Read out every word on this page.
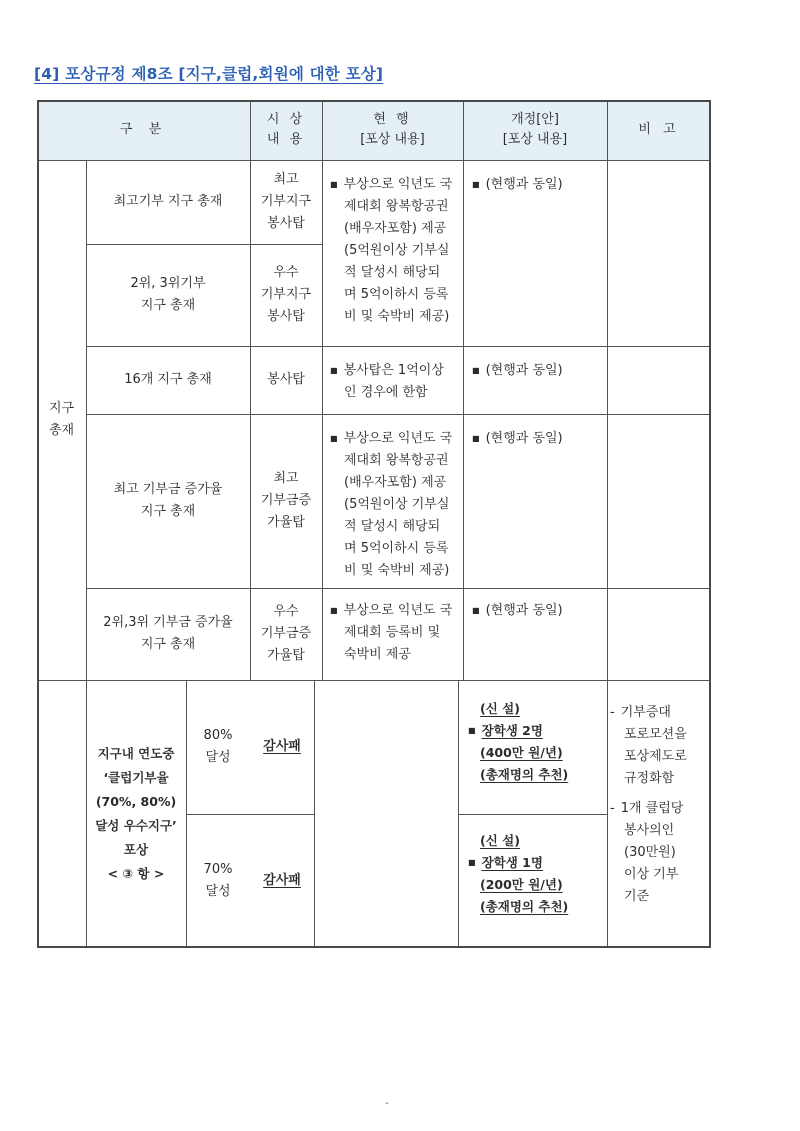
[4] 포상규정 제8조 [지구,클럽,회원에 대한 포상]
구 분
시 상
내 용
현 행
[포상 내용]
개정[안]
[포상 내용]
비 고
지구
총재
최고기부 지구 총재
최고
기부지구
봉사탑
2위, 3위기부
지구 총재
우수
기부지구
봉사탑
■ 부상으로 익년도 국
제대회 왕복항공권
(배우자포함) 제공
(5억원이상 기부실
적 달성시 해당되
며 5억이하시 등록
비 및 숙박비 제공)
■ (현행과 동일)
16개 지구 총재	봉사탑
■ 봉사탑은 1억이상
인 경우에 한함
■ (현행과 동일)
최고 기부금 증가율
지구 총재
최고
기부금증
가율탑
■ 부상으로 익년도 국
제대회 왕복항공권
(배우자포함) 제공
(5억원이상 기부실
적 달성시 해당되
며 5억이하시 등록
비 및 숙박비 제공)
■ (현행과 동일)
2위,3위 기부금 증가율
지구 총재
우수
기부금증
가율탑
■ 부상으로 익년도 국
제대회 등록비 및
숙박비 제공
■ (현행과 동일)
지구내 연도중
‘클럽기부율
(70%, 80%)
달성 우수지구’
포상
< ③ 항 >
80%
달성
감사패
(신 설)
■ 장학생 2명
(400만 원/년)
(총재명의 추천)
70%
달성
감사패
(신 설)
■ 장학생 1명
(200만 원/년)
(총재명의 추천)
- 기부증대
포로모션을
포상제도로
규정화함
- 1개 클럽당
봉사의인
(30만원)
이상 기부
기준
-
